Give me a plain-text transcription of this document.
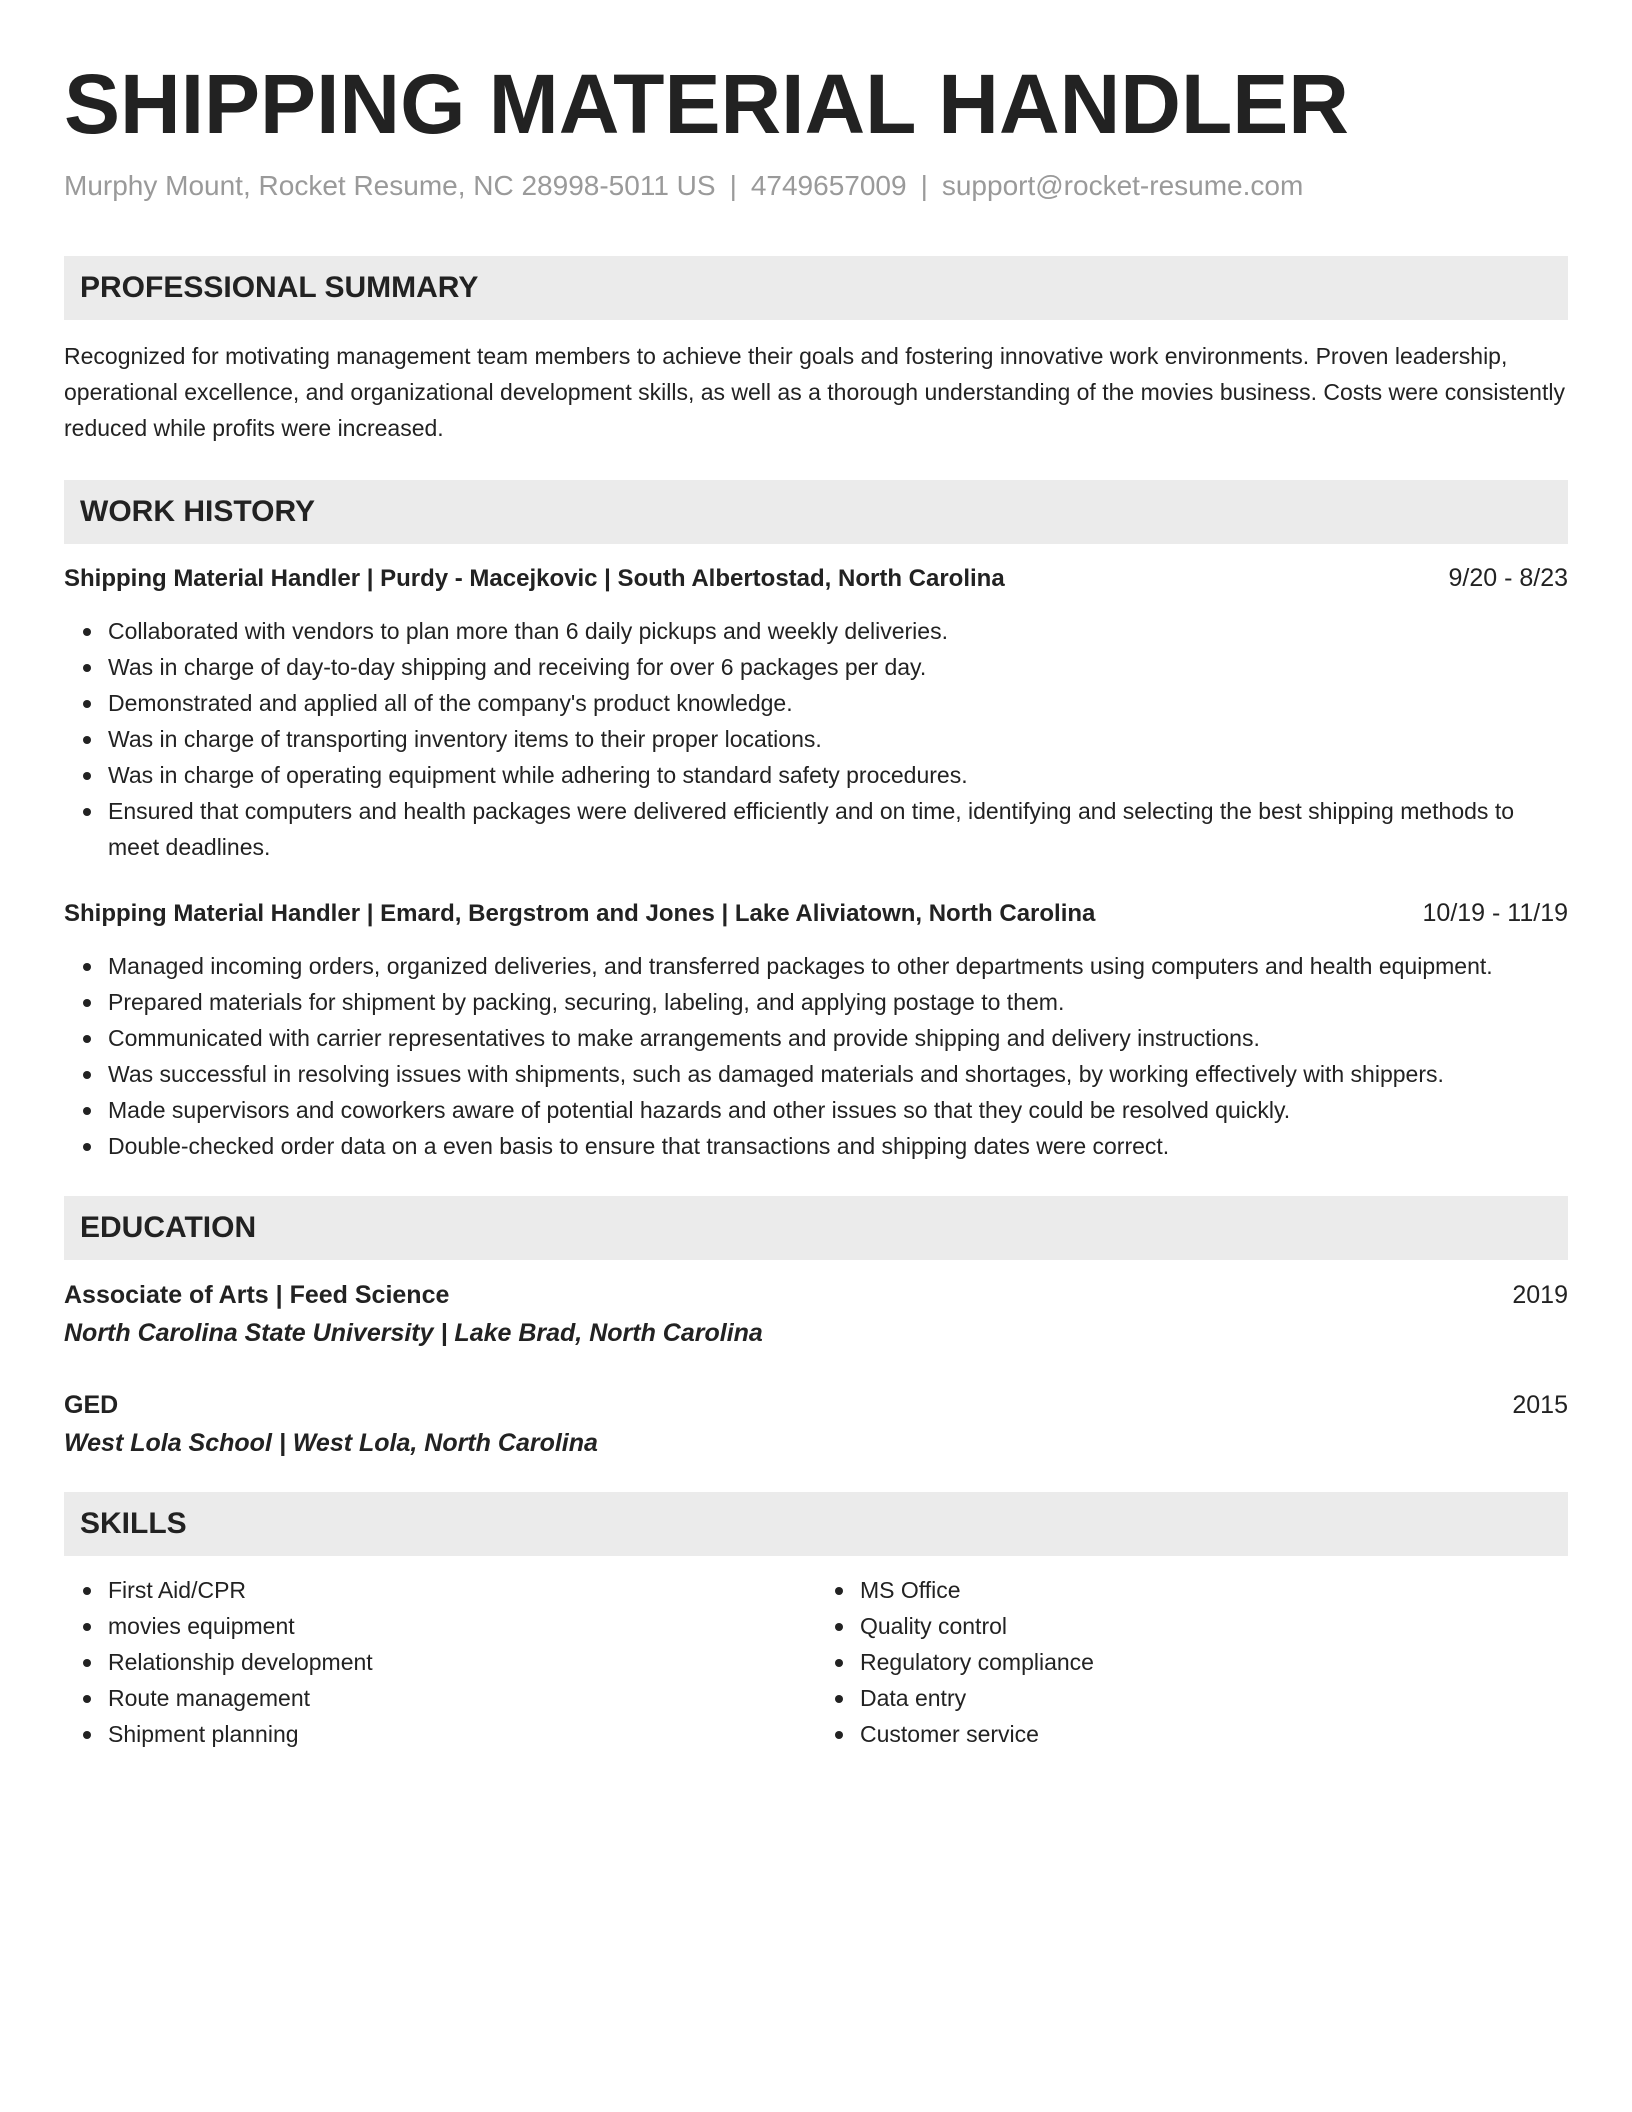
SHIPPING MATERIAL HANDLER
Murphy Mount, Rocket Resume, NC 28998-5011 US | 4749657009 | support@rocket-resume.com
PROFESSIONAL SUMMARY
Recognized for motivating management team members to achieve their goals and fostering innovative work environments. Proven leadership, operational excellence, and organizational development skills, as well as a thorough understanding of the movies business. Costs were consistently reduced while profits were increased.
WORK HISTORY
Shipping Material Handler | Purdy - Macejkovic | South Albertostad, North Carolina	9/20 - 8/23
Collaborated with vendors to plan more than 6 daily pickups and weekly deliveries.
Was in charge of day-to-day shipping and receiving for over 6 packages per day.
Demonstrated and applied all of the company's product knowledge.
Was in charge of transporting inventory items to their proper locations.
Was in charge of operating equipment while adhering to standard safety procedures.
Ensured that computers and health packages were delivered efficiently and on time, identifying and selecting the best shipping methods to meet deadlines.
Shipping Material Handler | Emard, Bergstrom and Jones | Lake Aliviatown, North Carolina	10/19 - 11/19
Managed incoming orders, organized deliveries, and transferred packages to other departments using computers and health equipment.
Prepared materials for shipment by packing, securing, labeling, and applying postage to them.
Communicated with carrier representatives to make arrangements and provide shipping and delivery instructions.
Was successful in resolving issues with shipments, such as damaged materials and shortages, by working effectively with shippers.
Made supervisors and coworkers aware of potential hazards and other issues so that they could be resolved quickly.
Double-checked order data on a even basis to ensure that transactions and shipping dates were correct.
EDUCATION
Associate of Arts | Feed Science	2019
North Carolina State University | Lake Brad, North Carolina
GED	2015
West Lola School | West Lola, North Carolina
SKILLS
First Aid/CPR
movies equipment
Relationship development
Route management
Shipment planning
MS Office
Quality control
Regulatory compliance
Data entry
Customer service
